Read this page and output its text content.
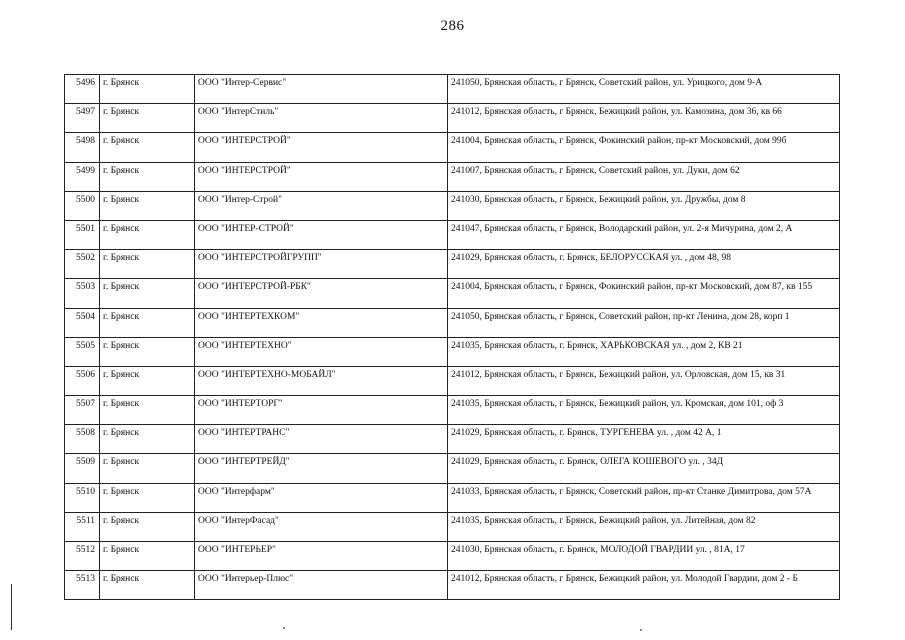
286
5496	г. Брянск	ООО "Интер-Сервис"	241050, Брянская область, г Брянск, Советский район, ул. Урицкого, дом 9-А
5497	г. Брянск	ООО "ИнтерСтиль"	241012, Брянская область, г Брянск, Бежицкий район, ул. Камозина, дом 36, кв 66
5498	г. Брянск	ООО "ИНТЕРСТРОЙ"	241004, Брянская область, г Брянск, Фокинский район, пр-кт Московский, дом 99б
5499	г. Брянск	ООО "ИНТЕРСТРОЙ"	241007, Брянская область, г Брянск, Советский район, ул. Дуки, дом 62
5500	г. Брянск	ООО "Интер-Строй"	241030, Брянская область, г Брянск, Бежицкий район, ул. Дружбы, дом 8
5501	г. Брянск	ООО "ИНТЕР-СТРОЙ"	241047, Брянская область, г Брянск, Володарский район, ул. 2-я Мичурина, дом 2, А
5502	г. Брянск	ООО "ИНТЕРСТРОЙГРУПП"	241029, Брянская область, г. Брянск, БЕЛОРУССКАЯ ул. , дом 48, 98
5503	г. Брянск	ООО "ИНТЕРСТРОЙ-РБК"	241004, Брянская область, г Брянск, Фокинский район, пр-кт Московский, дом 87, кв 155
5504	г. Брянск	ООО "ИНТЕРТЕХКОМ"	241050, Брянская область, г Брянск, Советский район, пр-кт Ленина, дом 28, корп 1
5505	г. Брянск	ООО "ИНТЕРТЕХНО"	241035, Брянская область, г. Брянск, ХАРЬКОВСКАЯ ул. , дом 2, КВ 21
5506	г. Брянск	ООО "ИНТЕРТЕХНО-МОБАЙЛ"	241012, Брянская область, г Брянск, Бежицкий район, ул. Орловская, дом 15, кв 31
5507	г. Брянск	ООО "ИНТЕРТОРГ"	241035, Брянская область, г Брянск, Бежицкий район, ул. Кромская, дом 101, оф 3
5508	г. Брянск	ООО "ИНТЕРТРАНС"	241029, Брянская область, г. Брянск, ТУРГЕНЕВА ул. , дом 42 А, 1
5509	г. Брянск	ООО "ИНТЕРТРЕЙД"	241029, Брянская область, г. Брянск, ОЛЕГА КОШЕВОГО ул. , 34Д
5510	г. Брянск	ООО "Интерфарм"	241033, Брянская область, г Брянск, Советский район, пр-кт Станке Димитрова, дом 57А
5511	г. Брянск	ООО "ИнтерФасад"	241035, Брянская область, г Брянск, Бежицкий район, ул. Литейная, дом 82
5512	г. Брянск	ООО "ИНТЕРЬЕР"	241030, Брянская область, г. Брянск, МОЛОДОЙ ГВАРДИИ ул. , 81А, 17
5513	г. Брянск	ООО "Интерьер-Плюс"	241012, Брянская область, г Брянск, Бежицкий район, ул. Молодой Гвардии, дом 2 - Б
